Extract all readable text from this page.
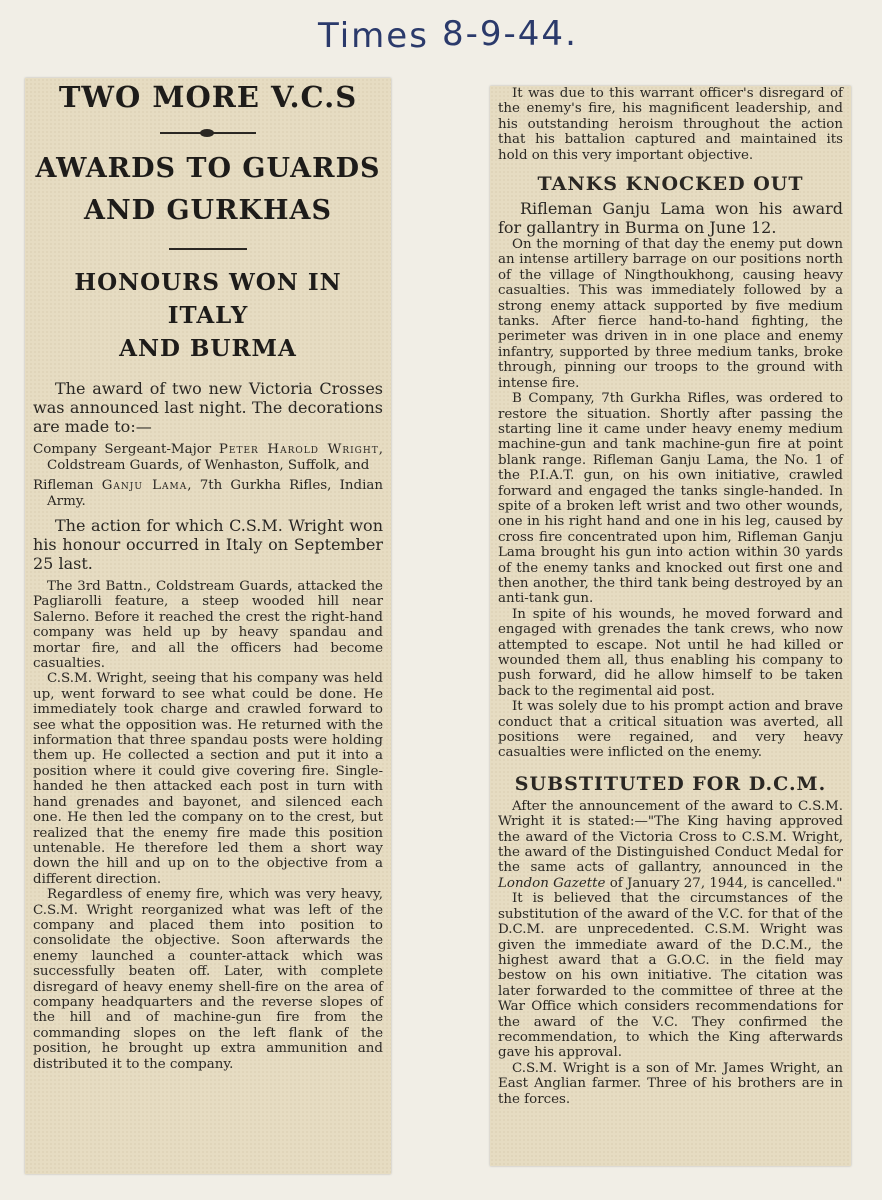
Times 8-9-44.
TWO MORE V.C.S
AWARDS TO GUARDS
AND GURKHAS
HONOURS WON IN ITALY
AND BURMA

The award of two new Victoria Crosses was announced last night. The decorations are made to:—

Company Sergeant-Major Peter Harold Wright, Coldstream Guards, of Wenhaston, Suffolk, and

Rifleman Ganju Lama, 7th Gurkha Rifles, Indian Army.

The action for which C.S.M. Wright won his honour occurred in Italy on September 25 last.

The 3rd Battn., Coldstream Guards, attacked the Pagliarolli feature, a steep wooded hill near Salerno. Before it reached the crest the right-hand company was held up by heavy spandau and mortar fire, and all the officers had become casualties.

C.S.M. Wright, seeing that his company was held up, went forward to see what could be done. He immediately took charge and crawled forward to see what the opposition was. He returned with the information that three spandau posts were holding them up. He collected a section and put it into a position where it could give covering fire. Single-handed he then attacked each post in turn with hand grenades and bayonet, and silenced each one. He then led the company on to the crest, but realized that the enemy fire made this position untenable. He therefore led them a short way down the hill and up on to the objective from a different direction.

Regardless of enemy fire, which was very heavy, C.S.M. Wright reorganized what was left of the company and placed them into position to consolidate the objective. Soon afterwards the enemy launched a counter-attack which was successfully beaten off. Later, with complete disregard of heavy enemy shell-fire on the area of company headquarters and the reverse slopes of the hill and of machine-gun fire from the commanding slopes on the left flank of the position, he brought up extra ammunition and distributed it to the company.

It was due to this warrant officer's disregard of the enemy's fire, his magnificent leadership, and his outstanding heroism throughout the action that his battalion captured and maintained its hold on this very important objective.

TANKS KNOCKED OUT

Rifleman Ganju Lama won his award for gallantry in Burma on June 12.

On the morning of that day the enemy put down an intense artillery barrage on our positions north of the village of Ningthoukhong, causing heavy casualties. This was immediately followed by a strong enemy attack supported by five medium tanks. After fierce hand-to-hand fighting, the perimeter was driven in in one place and enemy infantry, supported by three medium tanks, broke through, pinning our troops to the ground with intense fire.

B Company, 7th Gurkha Rifles, was ordered to restore the situation. Shortly after passing the starting line it came under heavy enemy medium machine-gun and tank machine-gun fire at point blank range. Rifleman Ganju Lama, the No. 1 of the P.I.A.T. gun, on his own initiative, crawled forward and engaged the tanks single-handed. In spite of a broken left wrist and two other wounds, one in his right hand and one in his leg, caused by cross fire concentrated upon him, Rifleman Ganju Lama brought his gun into action within 30 yards of the enemy tanks and knocked out first one and then another, the third tank being destroyed by an anti-tank gun.

In spite of his wounds, he moved forward and engaged with grenades the tank crews, who now attempted to escape. Not until he had killed or wounded them all, thus enabling his company to push forward, did he allow himself to be taken back to the regimental aid post.

It was solely due to his prompt action and brave conduct that a critical situation was averted, all positions were regained, and very heavy casualties were inflicted on the enemy.

SUBSTITUTED FOR D.C.M.

After the announcement of the award to C.S.M. Wright it is stated:—"The King having approved the award of the Victoria Cross to C.S.M. Wright, the award of the Distinguished Conduct Medal for the same acts of gallantry, announced in the London Gazette of January 27, 1944, is cancelled."

It is believed that the circumstances of the substitution of the award of the V.C. for that of the D.C.M. are unprecedented. C.S.M. Wright was given the immediate award of the D.C.M., the highest award that a G.O.C. in the field may bestow on his own initiative. The citation was later forwarded to the committee of three at the War Office which considers recommendations for the award of the V.C. They confirmed the recommendation, to which the King afterwards gave his approval.

C.S.M. Wright is a son of Mr. James Wright, an East Anglian farmer. Three of his brothers are in the forces.
